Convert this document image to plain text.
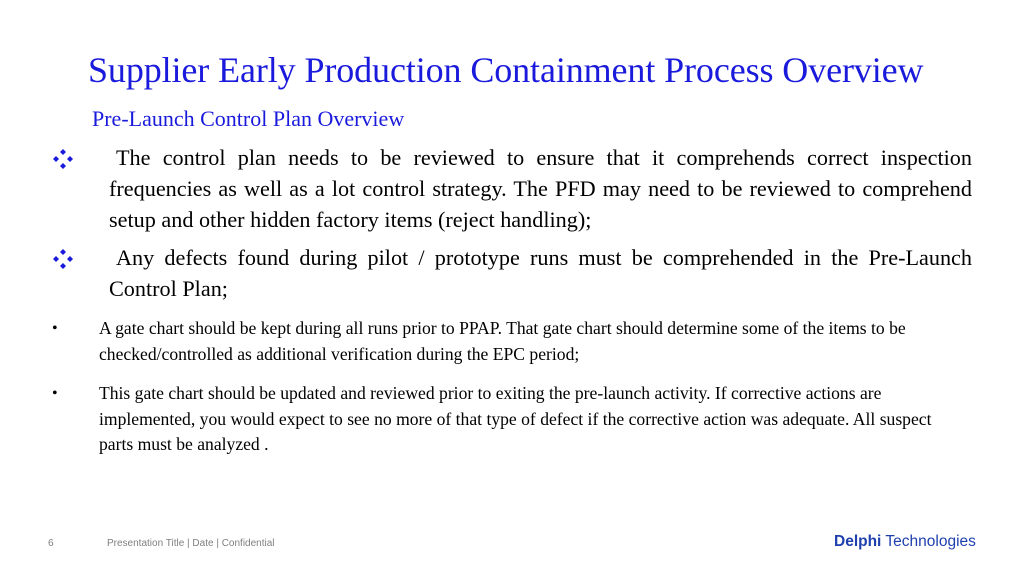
Supplier Early Production Containment Process Overview
Pre-Launch Control Plan Overview
The control plan needs to be reviewed to ensure that it comprehends correct inspection frequencies as well as a lot control strategy. The PFD may need to be reviewed to comprehend setup and other hidden factory items (reject handling);
Any defects found during pilot / prototype runs must be comprehended in the Pre-Launch Control Plan;
• A gate chart should be kept during all runs prior to PPAP. That gate chart should determine some of the items to be checked/controlled as additional verification during the EPC period;
• This gate chart should be updated and reviewed prior to exiting the pre-launch activity. If corrective actions are implemented, you would expect to see no more of that type of defect if the corrective action was adequate. All suspect parts must be analyzed .
6	Presentation Title | Date | Confidential	Delphi Technologies
